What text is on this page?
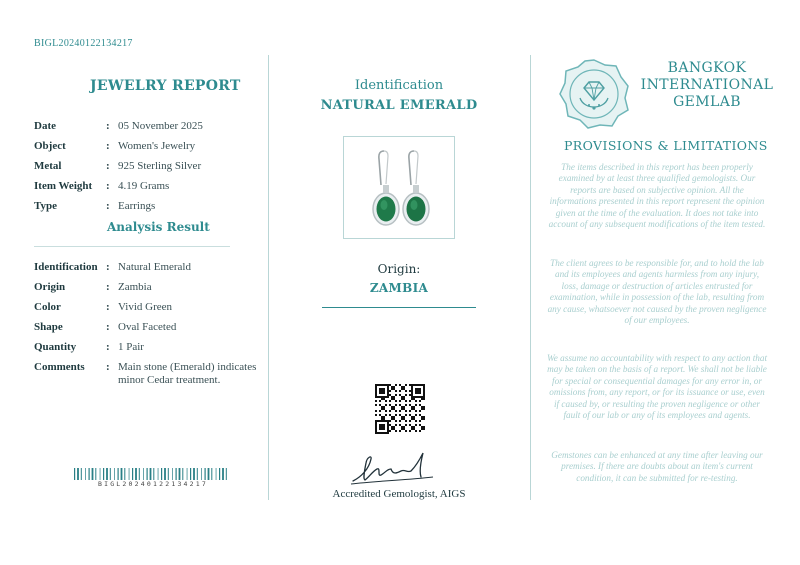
BIGL20240122134217
JEWELRY REPORT
Date	: 05 November 2025
Object	: Women's Jewelry
Metal	: 925 Sterling Silver
Item Weight	: 4.19 Grams
Type	: Earrings
Analysis Result
Identification : Natural Emerald
Origin	: Zambia
Color	: Vivid Green
Shape	: Oval Faceted
Quantity	: 1 Pair
Comments	: Main stone (Emerald) indicates minor Cedar treatment.
BIGL20240122134217
Identification
NATURAL EMERALD
Origin:
ZAMBIA
Accredited Gemologist, AIGS
BANGKOK
INTERNATIONAL
GEMLAB
PROVISIONS & LIMITATIONS
The items described in this report has been properly examined by at least three qualified gemologists. Our reports are based on subjective opinion. All the informations presented in this report represent the opinion given at the time of the evaluation. It does not take into account of any subsequent modifications of the item tested.
The client agrees to be responsible for, and to hold the lab and its employees and agents harmless from any injury, loss, damage or destruction of articles entrusted for examination, while in possession of the lab, resulting from any cause, whatsoever not caused by the proven negligence of our employees.
We assume no accountability with respect to any action that may be taken on the basis of a report. We shall not be liable for special or consequential damages for any error in, or omissions from, any report, or for its issuance or use, even if caused by, or resulting the proven negligence or other fault of our lab or any of its employees and agents.
Gemstones can be enhanced at any time after leaving our premises. If there are doubts about an item's current condition, it can be submitted for re-testing.
